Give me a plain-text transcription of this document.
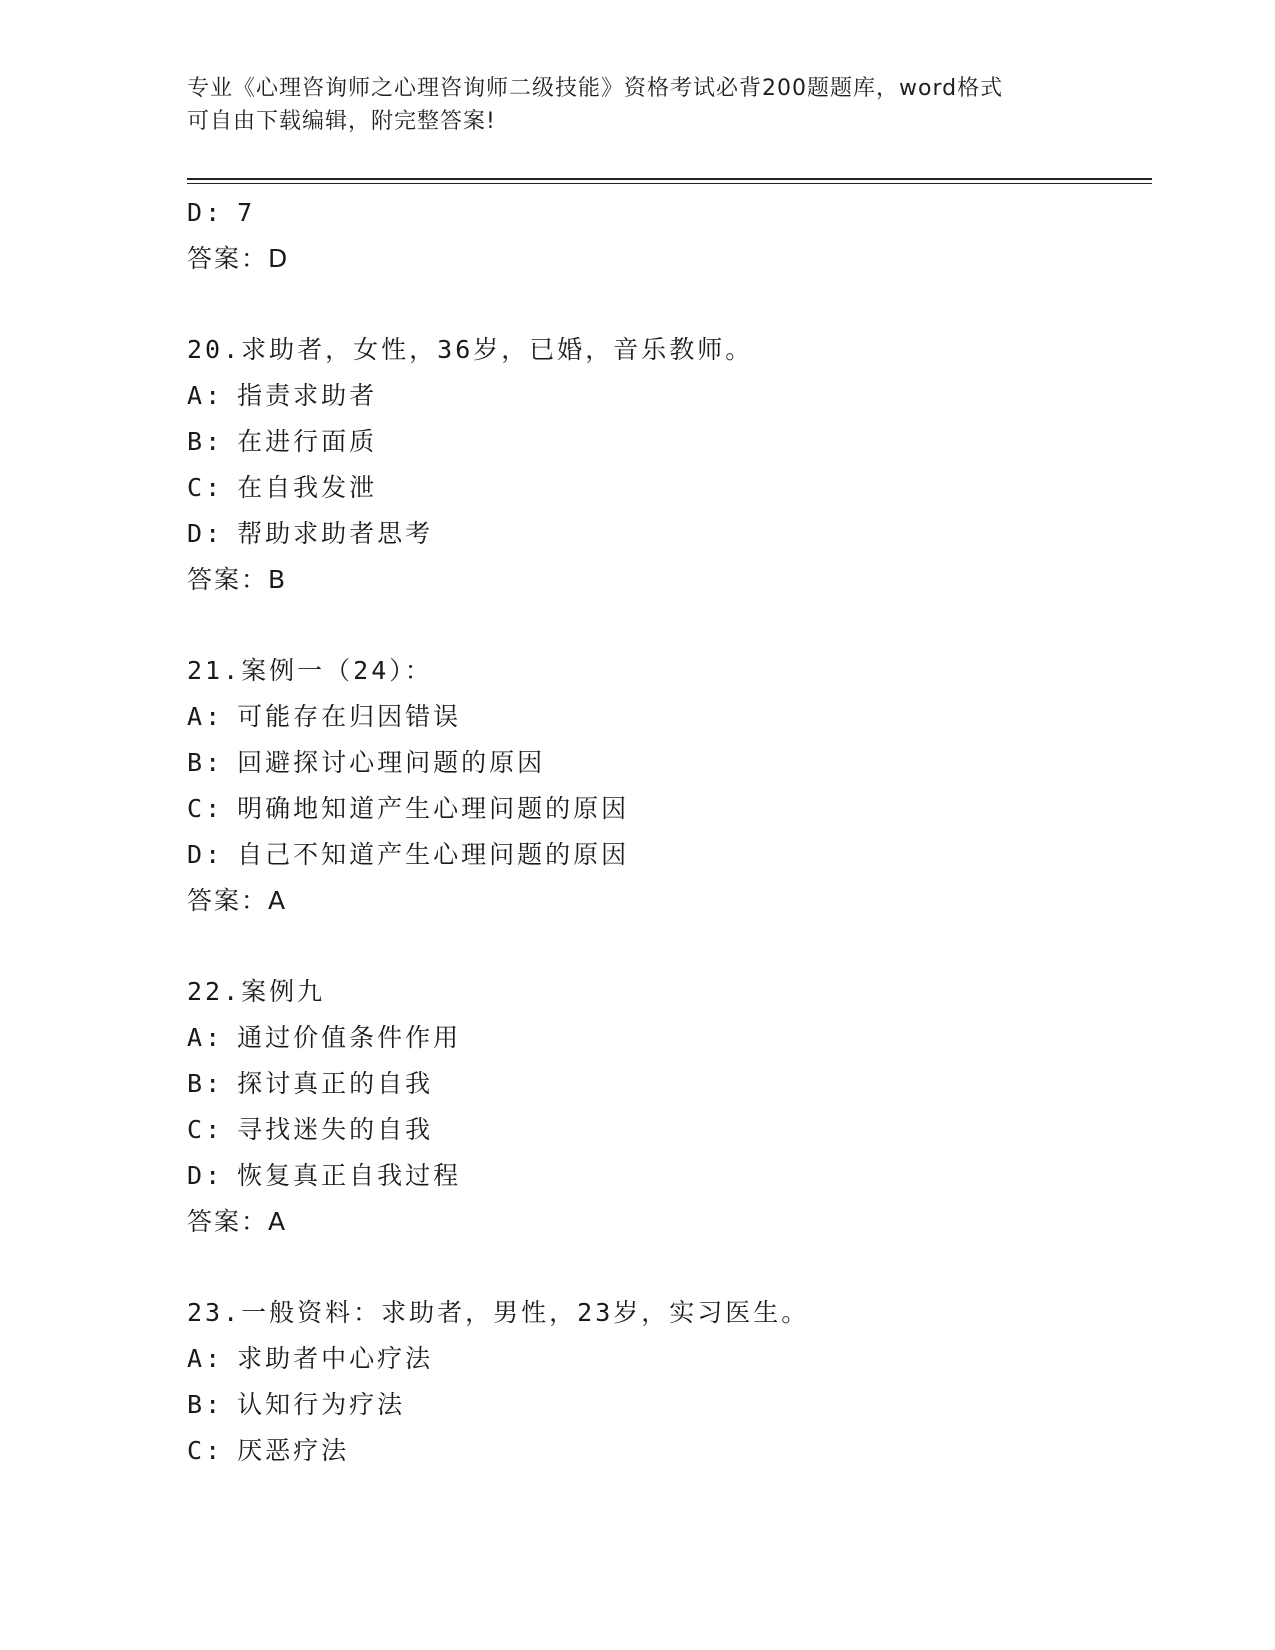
专业《心理咨询师之心理咨询师二级技能》资格考试必背200题题库，word格式
可自由下载编辑，附完整答案!
D: 7
答案：D
20.求助者，女性，36岁，已婚，音乐教师。
A: 指责求助者
B: 在进行面质
C: 在自我发泄
D: 帮助求助者思考
答案：B
21.案例一（24）：
A: 可能存在归因错误
B: 回避探讨心理问题的原因
C: 明确地知道产生心理问题的原因
D: 自己不知道产生心理问题的原因
答案：A
22.案例九
A: 通过价值条件作用
B: 探讨真正的自我
C: 寻找迷失的自我
D: 恢复真正自我过程
答案：A
23.一般资料：求助者，男性，23岁，实习医生。
A: 求助者中心疗法
B: 认知行为疗法
C: 厌恶疗法
